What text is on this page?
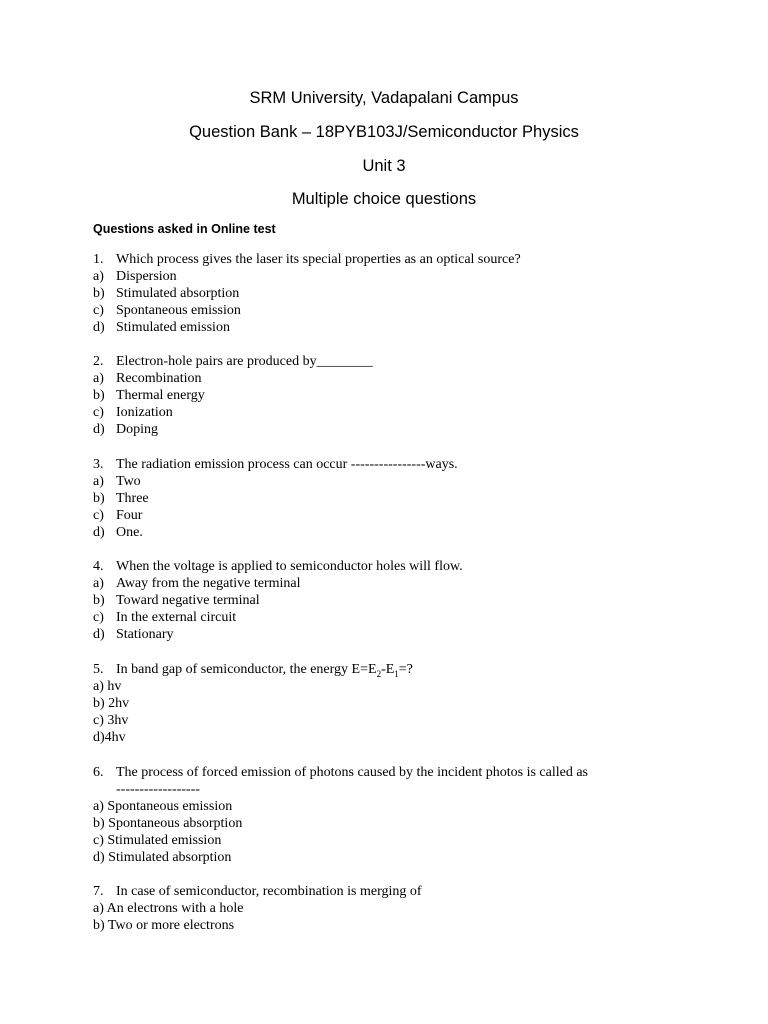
SRM University, Vadapalani Campus
Question Bank – 18PYB103J/Semiconductor Physics
Unit 3
Multiple choice questions
Questions asked in Online test
1. Which process gives the laser its special properties as an optical source?
a) Dispersion
b) Stimulated absorption
c) Spontaneous emission
d) Stimulated emission
2. Electron-hole pairs are produced by________
a) Recombination
b) Thermal energy
c) Ionization
d) Doping
3. The radiation emission process can occur ----------------ways.
a) Two
b) Three
c) Four
d) One.
4. When the voltage is applied to semiconductor holes will flow.
a) Away from the negative terminal
b) Toward negative terminal
c) In the external circuit
d) Stationary
5. In band gap of semiconductor, the energy $E=E_2-E_1=$?
a) hv
b) 2hv
c) 3hv
d)4hv
6. The process of forced emission of photons caused by the incident photos is called as
------------------
a) Spontaneous emission
b) Spontaneous absorption
c) Stimulated emission
d) Stimulated absorption
7. In case of semiconductor, recombination is merging of
a) An electrons with a hole
b) Two or more electrons
